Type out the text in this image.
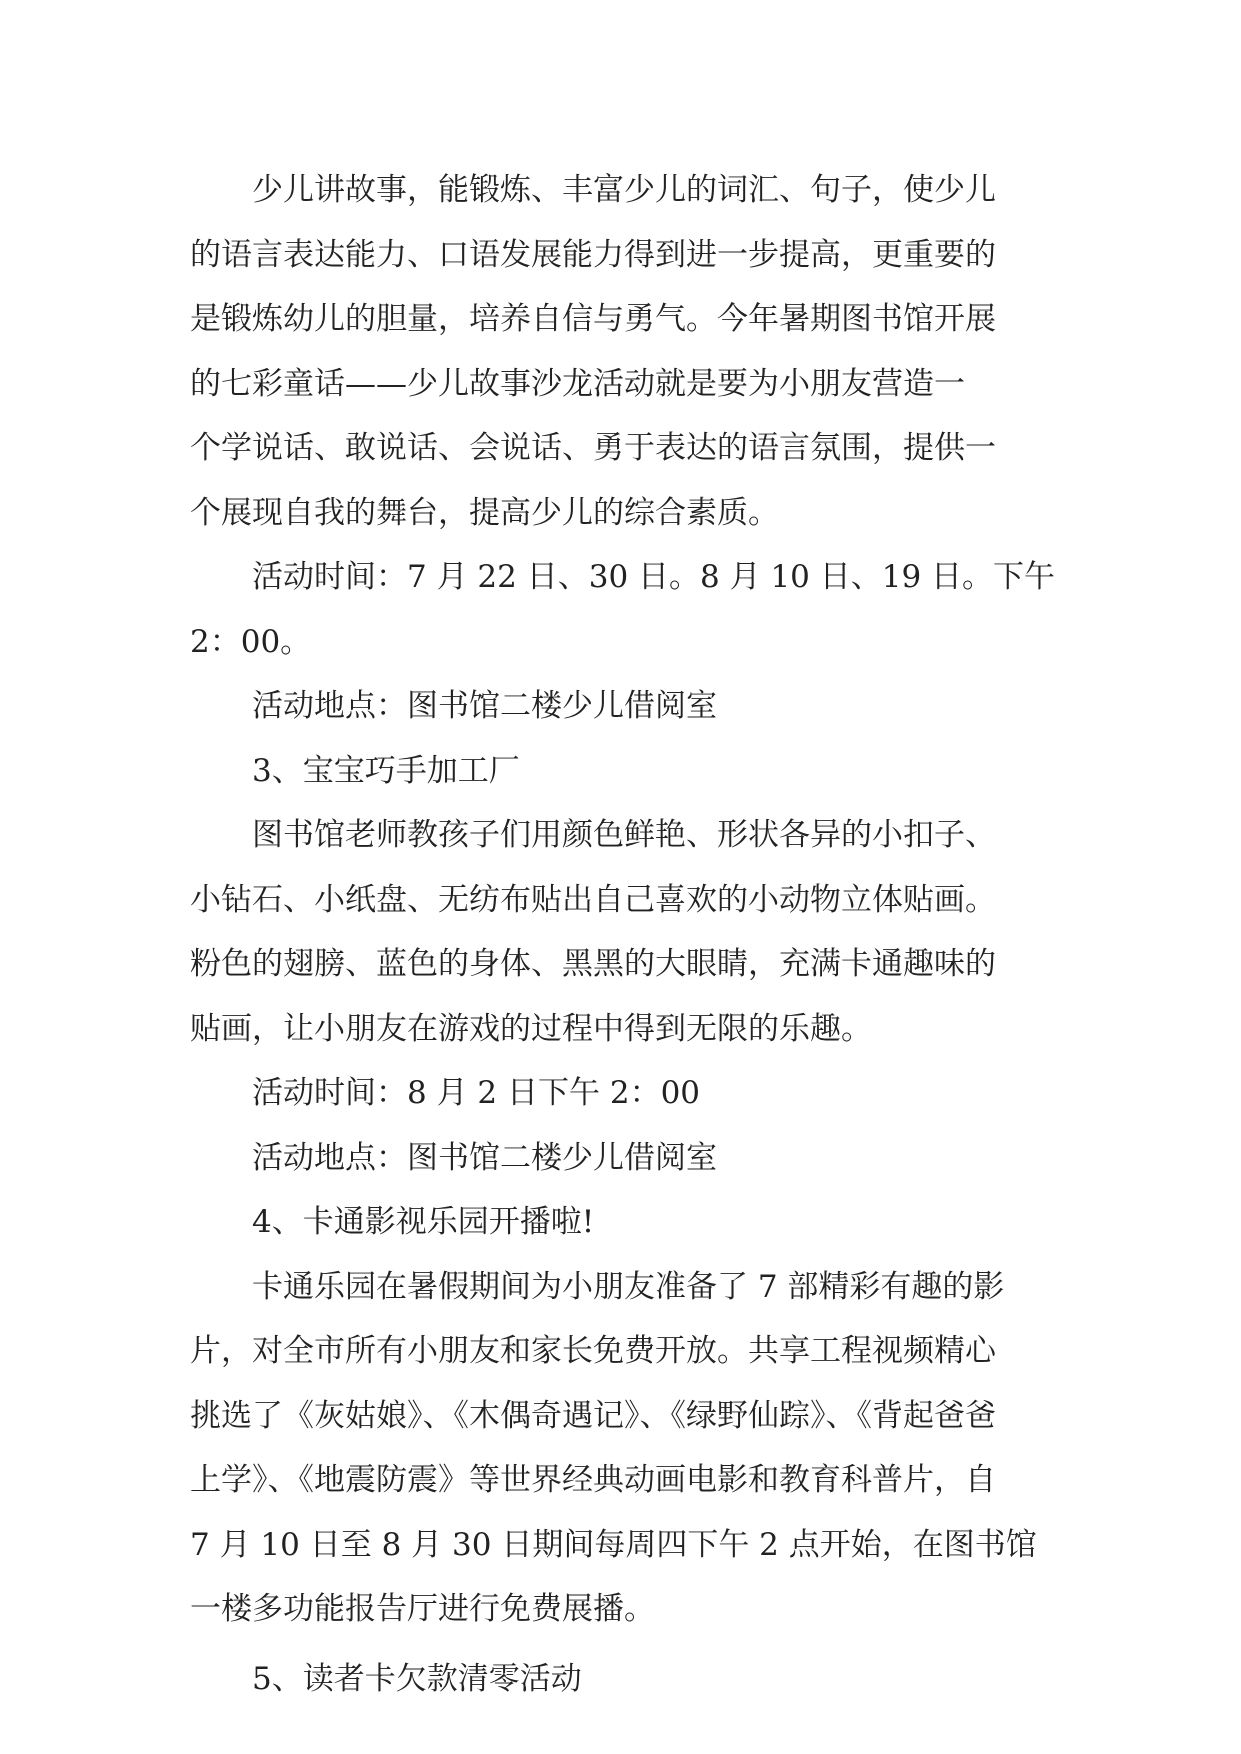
少儿讲故事，能锻炼、丰富少儿的词汇、句子，使少儿
的语言表达能力、口语发展能力得到进一步提高，更重要的
是锻炼幼儿的胆量，培养自信与勇气。今年暑期图书馆开展
的七彩童话——少儿故事沙龙活动就是要为小朋友营造一
个学说话、敢说话、会说话、勇于表达的语言氛围，提供一
个展现自我的舞台，提高少儿的综合素质。
活动时间：7 月 22 日、30 日。8 月 10 日、19 日。下午
2：00。
活动地点：图书馆二楼少儿借阅室
3、宝宝巧手加工厂
图书馆老师教孩子们用颜色鲜艳、形状各异的小扣子、
小钻石、小纸盘、无纺布贴出自己喜欢的小动物立体贴画。
粉色的翅膀、蓝色的身体、黑黑的大眼睛，充满卡通趣味的
贴画，让小朋友在游戏的过程中得到无限的乐趣。
活动时间：8 月 2 日下午 2：00
活动地点：图书馆二楼少儿借阅室
4、卡通影视乐园开播啦!
卡通乐园在暑假期间为小朋友准备了 7 部精彩有趣的影
片，对全市所有小朋友和家长免费开放。共享工程视频精心
挑选了《灰姑娘》、《木偶奇遇记》、《绿野仙踪》、《背起爸爸
上学》、《地震防震》等世界经典动画电影和教育科普片，自
7 月 10 日至 8 月 30 日期间每周四下午 2 点开始，在图书馆
一楼多功能报告厅进行免费展播。
5、读者卡欠款清零活动
